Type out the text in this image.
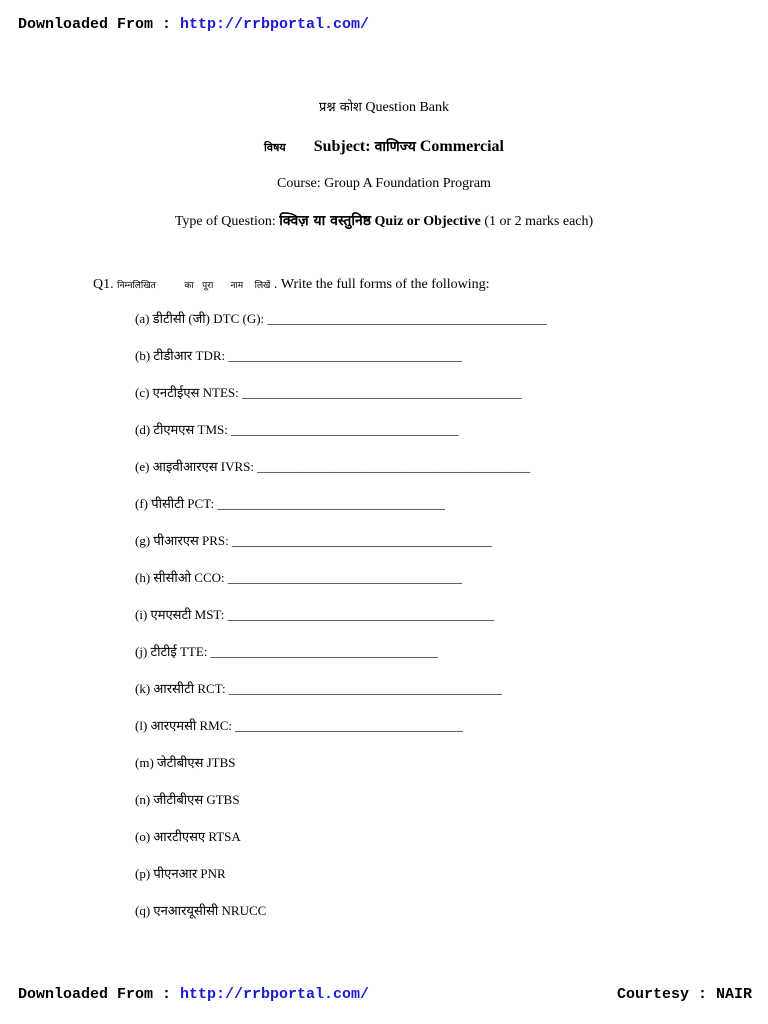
Downloaded From : http://rrbportal.com/
प्रश्न कोश Question Bank
विषय Subject: वाणिज्य Commercial
Course: Group A Foundation Program
Type of Question: क्विज़ या वस्तुनिष्ठ Quiz or Objective (1 or 2 marks each)
Q1. निम्नलिखित          का   पूरा      नाम    लिखें . Write the full forms of the following:
(a) डीटीसी (जी) DTC (G): ___________________________________________
(b) टीडीआर TDR: ____________________________________
(c) एनटीईएस NTES: ___________________________________________
(d) टीएमएस TMS: ___________________________________
(e) आइवीआरएस IVRS: __________________________________________
(f) पीसीटी PCT: ___________________________________
(g) पीआरएस PRS: ________________________________________
(h) सीसीओ CCO: ____________________________________
(i) एमएसटी MST: _________________________________________
(j) टीटीई TTE: ___________________________________
(k) आरसीटी RCT: __________________________________________
(l) आरएमसी RMC: ___________________________________
(m) जेटीबीएस JTBS
(n) जीटीबीएस GTBS
(o) आरटीएसए RTSA
(p) पीएनआर PNR
(q) एनआरयूसीसी NRUCC
Downloaded From : http://rrbportal.com/	Courtesy : NAIR
